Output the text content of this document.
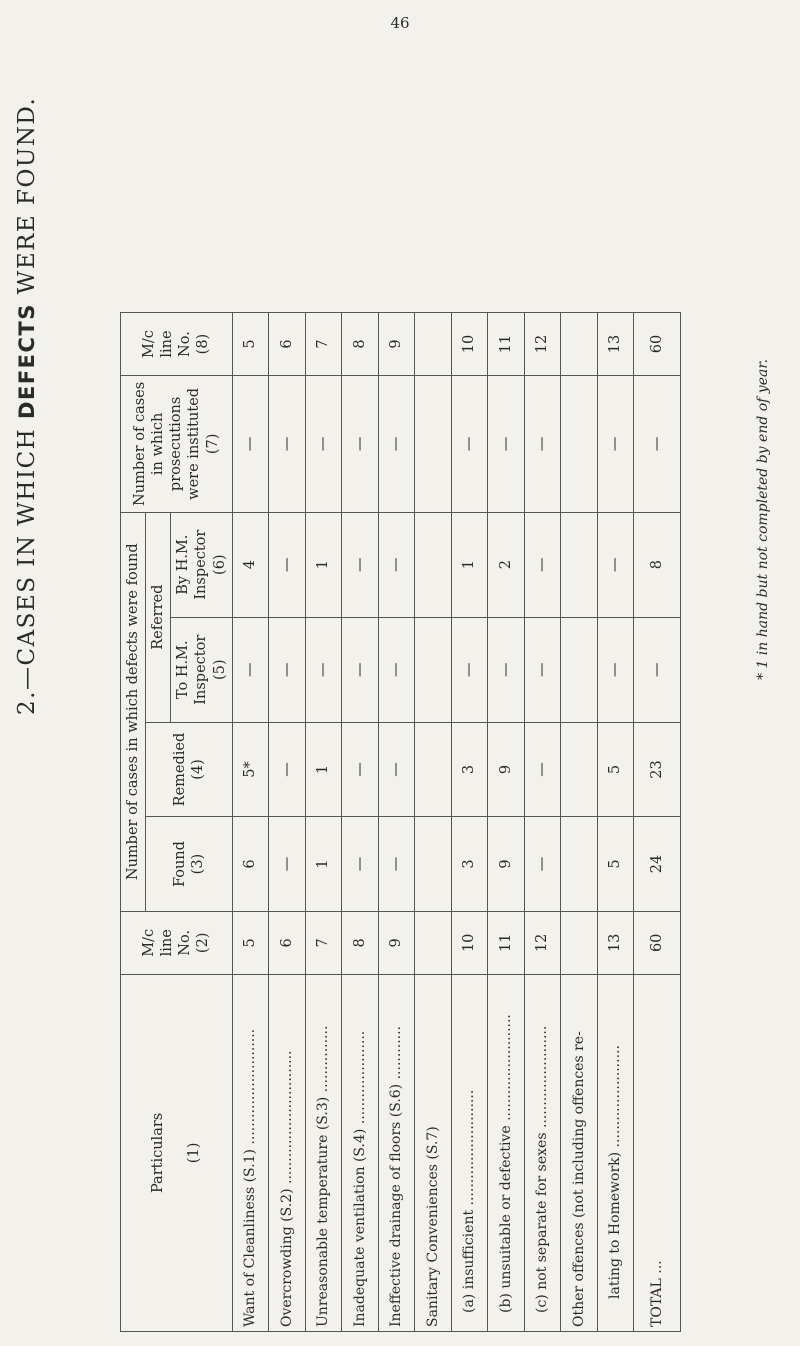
46
2.—CASES IN WHICH DEFECTS WERE FOUND.
Particulars (1)	M/c line No. (2)	Number of cases in which defects were found				Number of cases in which prosecutions were instituted (7)	M/c line No. (8)
		Found (3)	Remedied (4)	Referred			
				To H.M. Inspector (5)	By H.M. Inspector (6)		
Want of Cleanliness (S.1) ..........................	5	6	5*	—	4	—	5
Overcrowding (S.2) ..............................	6	—	—	—	—	—	6
Unreasonable temperature (S.3) ...............	7	1	1	—	1	—	7
Inadequate ventilation (S.4) .....................	8	—	—	—	—	—	8
Ineffective drainage of floors (S.6) ............	9	—	—	—	—	—	9
Sanitary Conveniences (S.7)							
(a) insufficient ..........................	10	3	3	—	1	—	10
(b) unsuitable or defective ........................	11	9	9	—	2	—	11
(c) not separate for sexes .......................	12	—	—	—	—	—	12
Other offences (not including offences re-							
lating to Homework) .......................	13	5	5	—	—	—	13
TOTAL ...	60	24	23	—	8	—	60
* 1 in hand but not completed by end of year.
